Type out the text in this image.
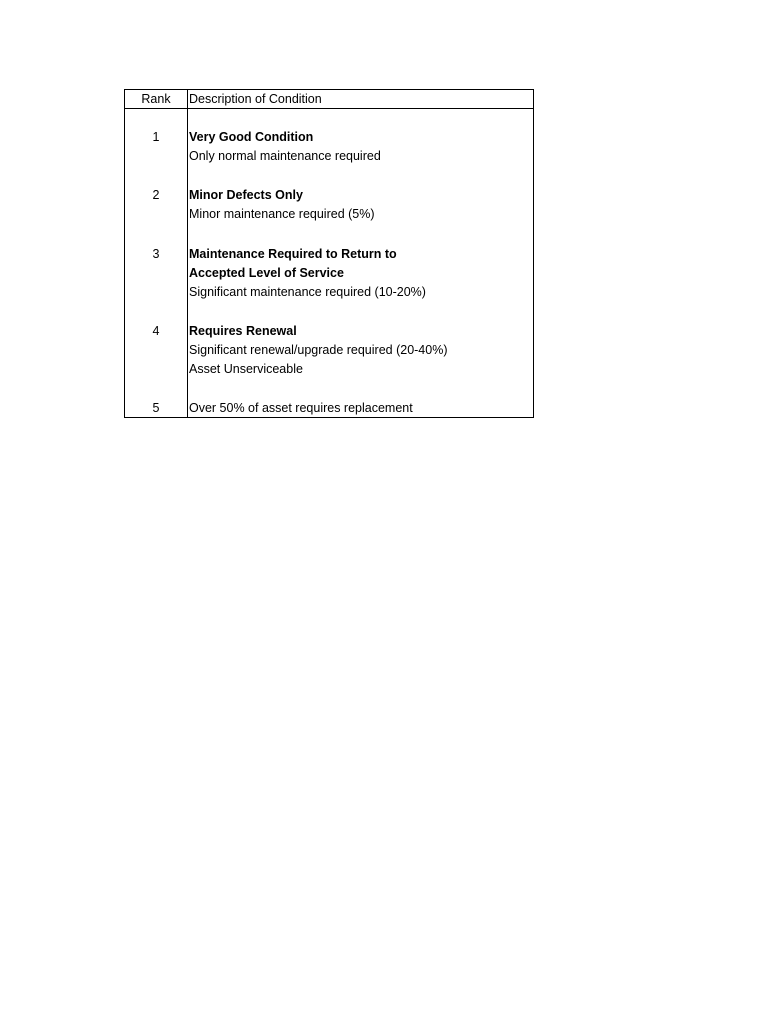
Rank	Description of Condition
1	Very Good Condition
Only normal maintenance required
2	Minor Defects Only
Minor maintenance required (5%)
3	Maintenance Required to Return to
Accepted Level of Service
Significant maintenance required (10-20%)
4	Requires Renewal
Significant renewal/upgrade required (20-40%)
Asset Unserviceable
5	Over 50% of asset requires replacement
